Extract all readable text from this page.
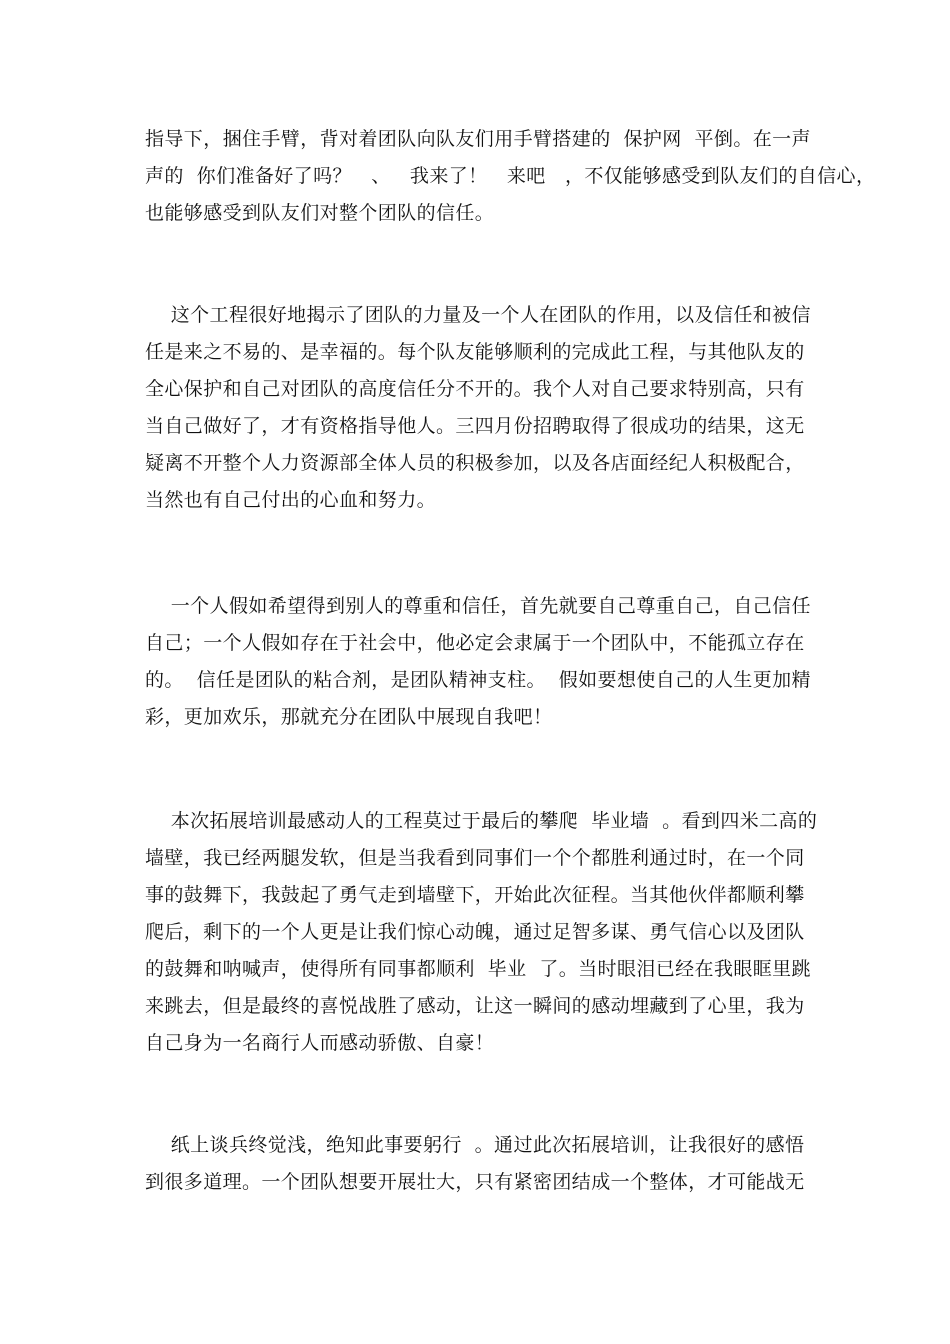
指导下，捆住手臂，背对着团队向队友们用手臂搭建的  保护网  平倒。在一声
声的  你们准备好了吗？   、   我来了！   来吧   ，不仅能够感受到队友们的自信心，
也能够感受到队友们对整个团队的信任。
这个工程很好地揭示了团队的力量及一个人在团队的作用，以及信任和被信
任是来之不易的、是幸福的。每个队友能够顺利的完成此工程，与其他队友的
全心保护和自己对团队的高度信任分不开的。我个人对自己要求特别高，只有
当自己做好了，才有资格指导他人。三四月份招聘取得了很成功的结果，这无
疑离不开整个人力资源部全体人员的积极参加，以及各店面经纪人积极配合，
当然也有自己付出的心血和努力。
一个人假如希望得到别人的尊重和信任，首先就要自己尊重自己，自己信任
自己；一个人假如存在于社会中，他必定会隶属于一个团队中，不能孤立存在
的。  信任是团队的粘合剂，是团队精神支柱。  假如要想使自己的人生更加精
彩，更加欢乐，那就充分在团队中展现自我吧！
本次拓展培训最感动人的工程莫过于最后的攀爬  毕业墙  。看到四米二高的
墙壁，我已经两腿发软，但是当我看到同事们一个个都胜利通过时，在一个同
事的鼓舞下，我鼓起了勇气走到墙壁下，开始此次征程。当其他伙伴都顺利攀
爬后，剩下的一个人更是让我们惊心动魄，通过足智多谋、勇气信心以及团队
的鼓舞和呐喊声，使得所有同事都顺利  毕业  了。当时眼泪已经在我眼眶里跳
来跳去，但是最终的喜悦战胜了感动，让这一瞬间的感动埋藏到了心里，我为
自己身为一名商行人而感动骄傲、自豪！
纸上谈兵终觉浅，绝知此事要躬行  。通过此次拓展培训，让我很好的感悟
到很多道理。一个团队想要开展壮大，只有紧密团结成一个整体，才可能战无
